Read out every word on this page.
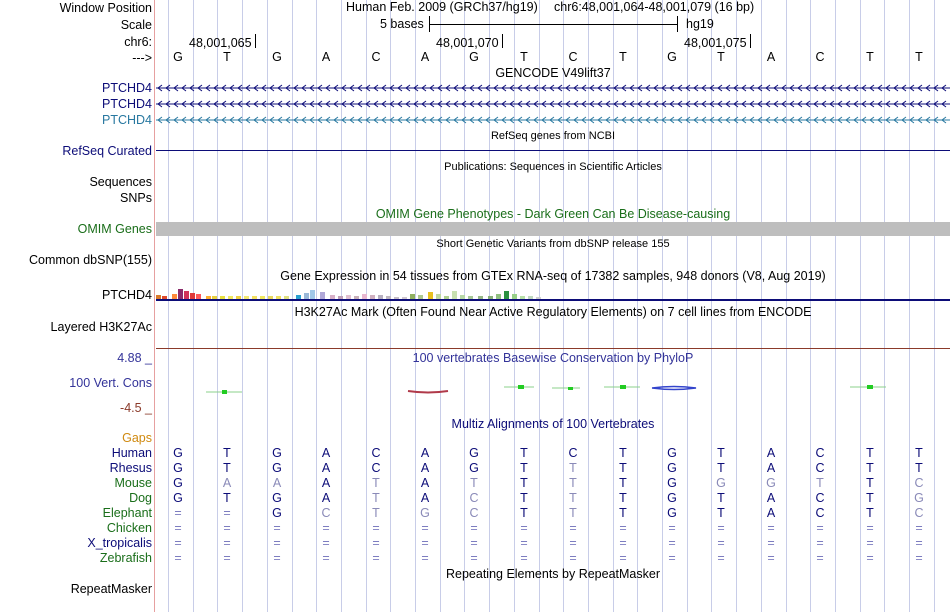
Window Position
Scale
chr6:
--->
Human Feb. 2009 (GRCh37/hg19) chr6:48,001,064-48,001,079 (16 bp)
5 bases	hg19
48,001,065	48,001,070	48,001,075
G	T	G	A	C	A	G	T	C	T	G	T	A	C	T	T
GENCODE V49lift37
PTCHD4
PTCHD4
PTCHD4
RefSeq genes from NCBI
RefSeq Curated
Publications: Sequences in Scientific Articles
Sequences
SNPs
OMIM Gene Phenotypes - Dark Green Can Be Disease-causing
OMIM Genes
Short Genetic Variants from dbSNP release 155
Common dbSNP(155)
Gene Expression in 54 tissues from GTEx RNA-seq of 17382 samples, 948 donors (V8, Aug 2019)
PTCHD4
H3K27Ac Mark (Often Found Near Active Regulatory Elements) on 7 cell lines from ENCODE
Layered H3K27Ac
100 vertebrates Basewise Conservation by PhyloP
4.88 _
100 Vert. Cons
-4.5 _
Multiz Alignments of 100 Vertebrates
Gaps
Human	G	T	G	A	C	A	G	T	C	T	G	T	A	C	T	T
Rhesus	G	T	G	A	C	A	G	T	T	T	G	T	A	C	T	T
Mouse	G	A	A	A	T	A	T	T	T	T	G	G	G	T	T	C
Dog	G	T	G	A	T	A	C	T	T	T	G	T	A	C	T	G
Elephant	=	=	G	C	T	G	C	T	T	T	G	T	A	C	T	C
Chicken	=	=	=	=	=	=	=	=	=	=	=	=	=	=	=	=
X_tropicalis	=	=	=	=	=	=	=	=	=	=	=	=	=	=	=	=
Zebrafish	=	=	=	=	=	=	=	=	=	=	=	=	=	=	=	=
Repeating Elements by RepeatMasker
RepeatMasker
